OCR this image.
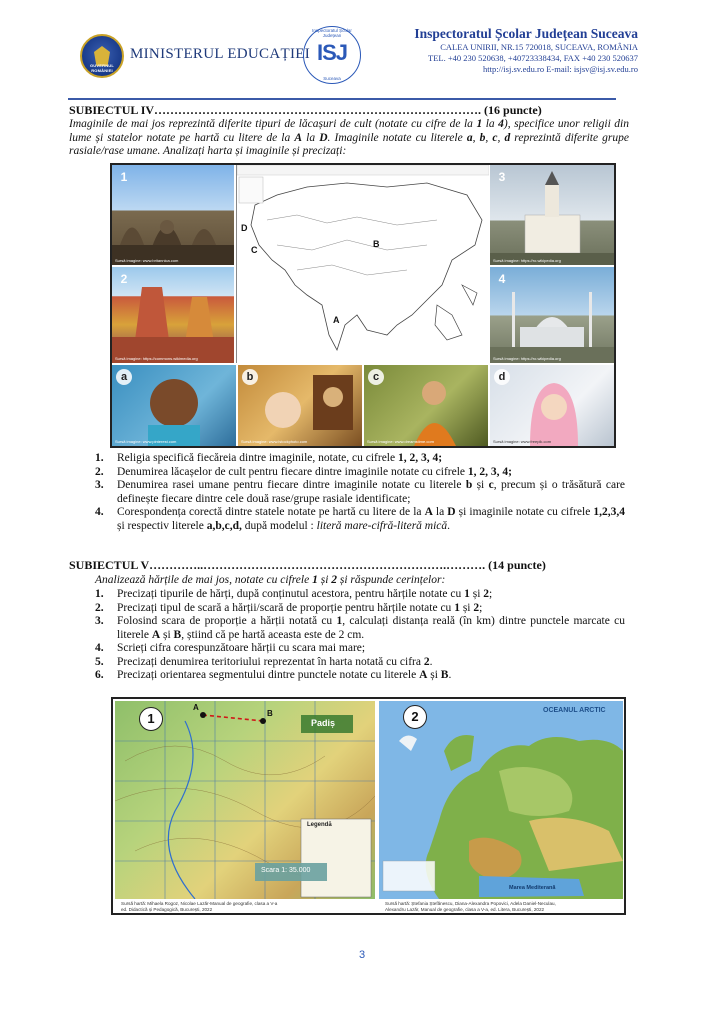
GUVERNUL ROMÂNIEI
MINISTERUL EDUCAȚIEI
Inspectoratul Școlar Județean
ISJ
Suceava
Inspectoratul Școlar Județean Suceava
CALEA UNIRII, NR.15 720018, SUCEAVA, ROMÂNIA
TEL. +40 230 520638, +40723338434, FAX +40 230 520637
http://isj.sv.edu.ro E-mail: isjsv@isj.sv.edu.ro
SUBIECTUL IV………………………………………………………………………. (16 puncte)
Imaginile de mai jos reprezintă diferite tipuri de lăcașuri de cult (notate cu cifre de la 1 la 4), specifice unor religii din lume și statelor notate pe hartă cu litere de la A la D. Imaginile notate cu literele a, b, c, d reprezintă diferite grupe rasiale/rase umane. Analizați harta și imaginile și precizați:
1
Sursă imagine: www.britannica.com
2
Sursă imagine: https://commons.wikimedia.org
A
B
C
D
3
Sursă imagine: https://ro.wikipedia.org
4
Sursă imagine: https://ro.wikipedia.org
a
Sursă imagine: www.pinterest.com
b
Sursă imagine: www.istockphoto.com
c
Sursă imagine: www.dreamstime.com
d
Sursă imagine: www.freepik.com
1. Religia specifică fiecăreia dintre imaginile, notate, cu cifrele 1, 2, 3, 4;
2. Denumirea lăcașelor de cult pentru fiecare dintre imaginile notate cu cifrele 1, 2, 3, 4;
3. Denumirea rasei umane pentru fiecare dintre imaginile notate cu literele b și c, precum și o trăsătură care definește fiecare dintre cele două rase/grupe rasiale identificate;
4. Corespondența corectă dintre statele notate pe hartă cu litere de la A la D și imaginile notate cu cifrele 1,2,3,4 și respectiv literele a,b,c,d, după modelul : literă mare-cifră-literă mică.
SUBIECTUL V…………..…………………………………………………….………. (14 puncte)
Analizează hărțile de mai jos, notate cu cifrele 1 și 2 și răspunde cerințelor:
1. Precizați tipurile de hărți, după conținutul acestora, pentru hărțile notate cu 1 și 2;
2. Precizați tipul de scară a hărții/scară de proporție pentru hărțile notate cu 1 și 2;
3. Folosind scara de proporție a hărții notată cu 1, calculați distanța reală (în km) dintre punctele marcate cu literele A și B, știind că pe hartă aceasta este de 2 cm.
4. Scrieți cifra corespunzătoare hărții cu scara mai mare;
5. Precizați denumirea teritoriului reprezentat în harta notată cu cifra 2.
6. Precizați orientarea segmentului dintre punctele notate cu literele A și B.
Padiș
A
B
Legendă
Scara 1: 35.000
1
OCEANUL ARCTIC
Marea Mediterană
2
Sursă hartă: Mihaela Rogoz, Nicolae Lazăr-Manual de geografie, clasa a V-a
ed. Didactică și Pedagogică, București, 2022
Sursă hartă: Ștefania Ștefănescu, Diana-Alexandra Popovici, Adela Daniel-Neculau,
Alexandru Lazăr, Manual de geografie, clasa a V-a, ed. Litera, București, 2022
3
